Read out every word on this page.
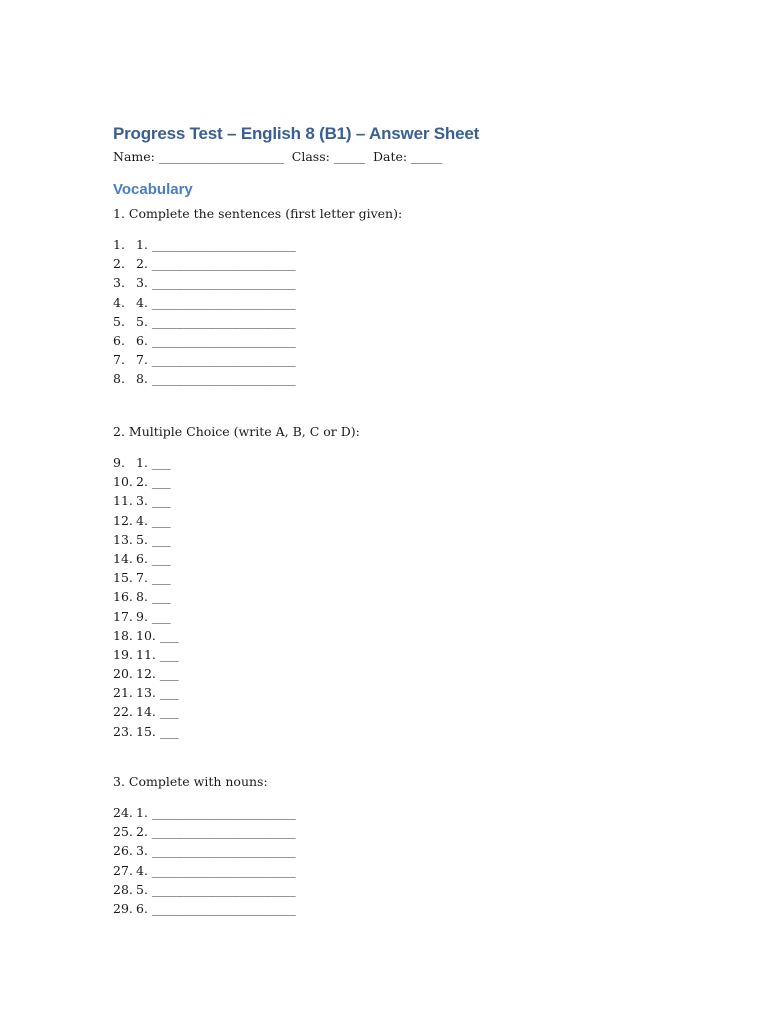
Progress Test – English 8 (B1) – Answer Sheet
Name: ____________________  Class: _____  Date: _____
Vocabulary
1. Complete the sentences (first letter given):
1. 1. _______________________
2. 2. _______________________
3. 3. _______________________
4. 4. _______________________
5. 5. _______________________
6. 6. _______________________
7. 7. _______________________
8. 8. _______________________
2. Multiple Choice (write A, B, C or D):
9. 1. ___
10. 2. ___
11. 3. ___
12. 4. ___
13. 5. ___
14. 6. ___
15. 7. ___
16. 8. ___
17. 9. ___
18. 10. ___
19. 11. ___
20. 12. ___
21. 13. ___
22. 14. ___
23. 15. ___
3. Complete with nouns:
24. 1. _______________________
25. 2. _______________________
26. 3. _______________________
27. 4. _______________________
28. 5. _______________________
29. 6. _______________________
